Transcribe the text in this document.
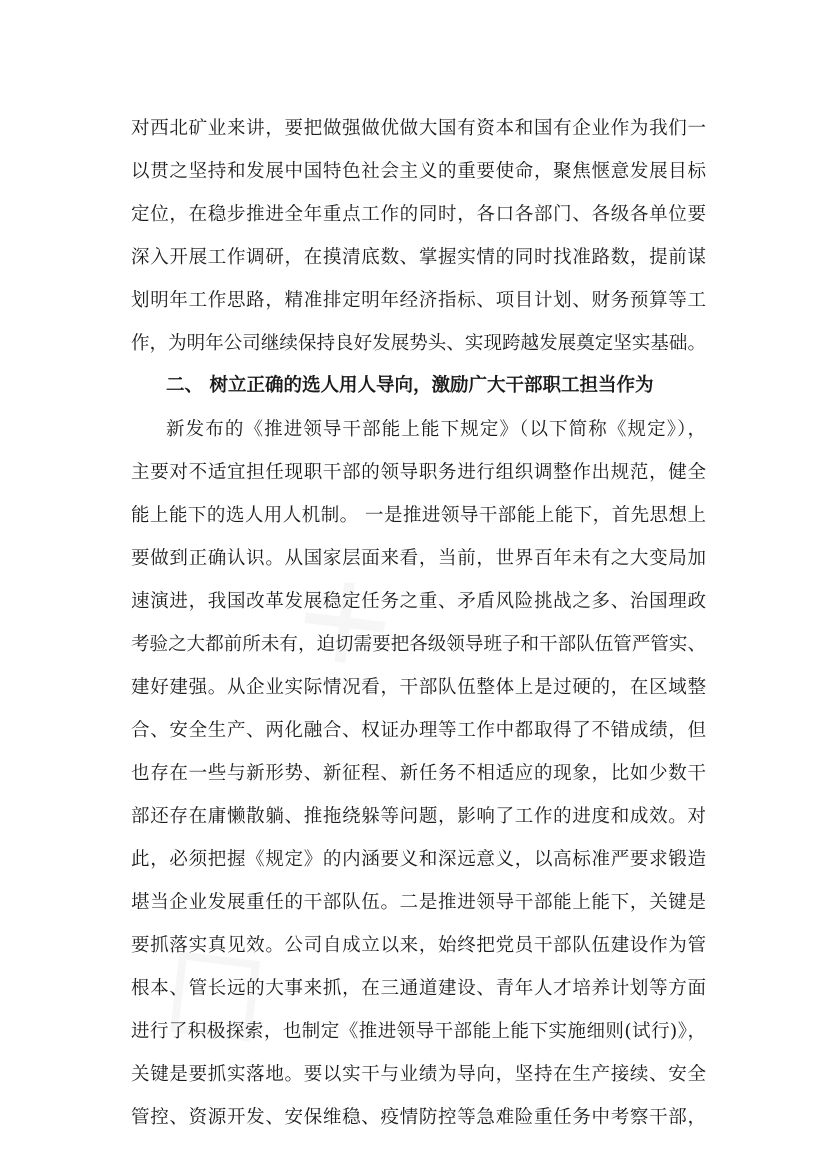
对西北矿业来讲，要把做强做优做大国有资本和国有企业作为我们一
以贯之坚持和发展中国特色社会主义的重要使命，聚焦惬意发展目标
定位，在稳步推进全年重点工作的同时，各口各部门、各级各单位要
深入开展工作调研，在摸清底数、掌握实情的同时找准路数，提前谋
划明年工作思路，精准排定明年经济指标、项目计划、财务预算等工
作，为明年公司继续保持良好发展势头、实现跨越发展奠定坚实基础。
二、 树立正确的选人用人导向，激励广大干部职工担当作为
新发布的《推进领导干部能上能下规定》（以下简称《规定》），
主要对不适宜担任现职干部的领导职务进行组织调整作出规范，健全
能上能下的选人用人机制。 一是推进领导干部能上能下，首先思想上
要做到正确认识。从国家层面来看，当前，世界百年未有之大变局加
速演进，我国改革发展稳定任务之重、矛盾风险挑战之多、治国理政
考验之大都前所未有，迫切需要把各级领导班子和干部队伍管严管实、
建好建强。从企业实际情况看，干部队伍整体上是过硬的，在区域整
合、安全生产、两化融合、权证办理等工作中都取得了不错成绩，但
也存在一些与新形势、新征程、新任务不相适应的现象，比如少数干
部还存在庸懒散躺、推拖绕躲等问题，影响了工作的进度和成效。对
此，必须把握《规定》的内涵要义和深远意义，以高标准严要求锻造
堪当企业发展重任的干部队伍。二是推进领导干部能上能下，关键是
要抓落实真见效。公司自成立以来，始终把党员干部队伍建设作为管
根本、管长远的大事来抓，在三通道建设、青年人才培养计划等方面
进行了积极探索，也制定《推进领导干部能上能下实施细则(试行)》，
关键是要抓实落地。要以实干与业绩为导向，坚持在生产接续、安全
管控、资源开发、安保维稳、疫情防控等急难险重任务中考察干部，
